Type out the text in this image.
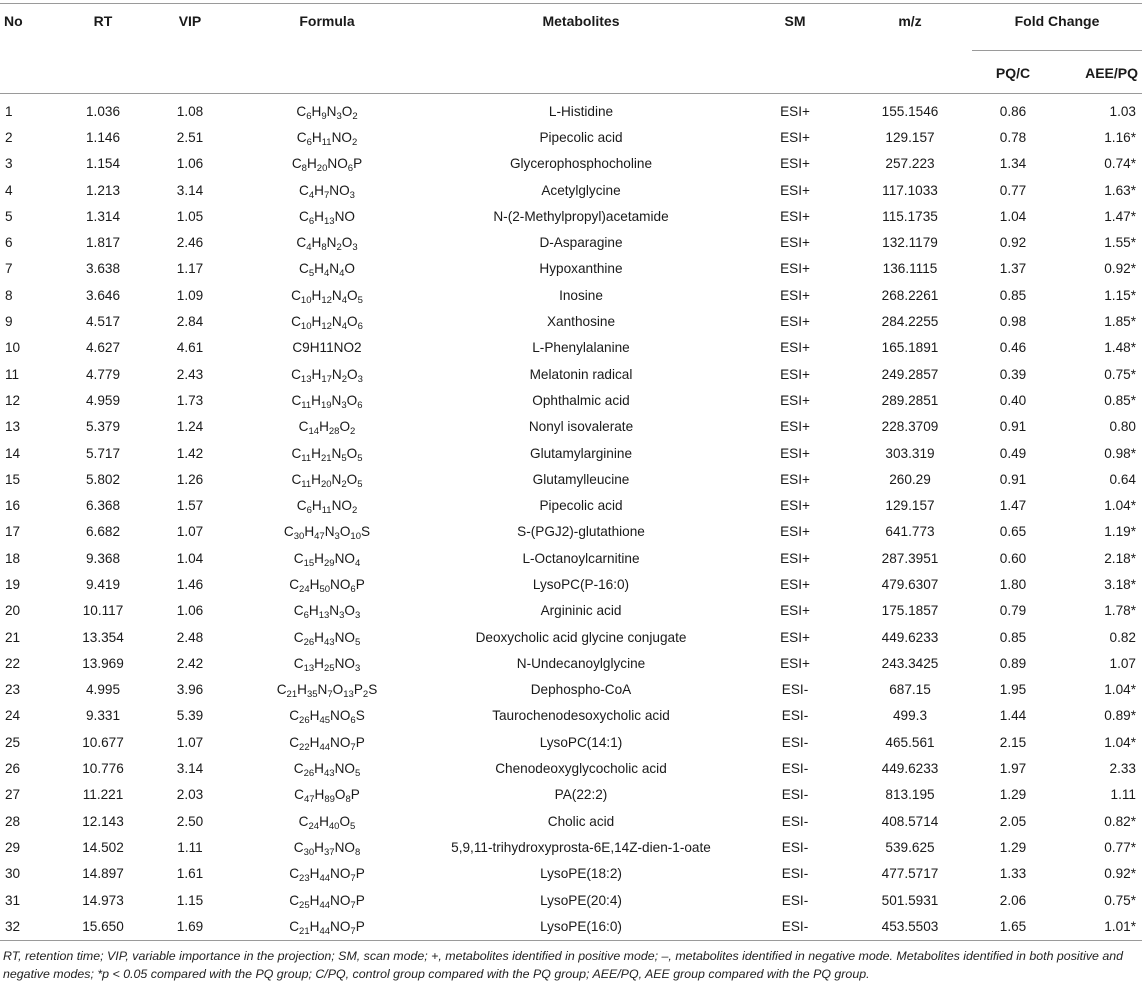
No	RT	VIP	Formula	Metabolites	SM	m/z	Fold Change	
							PQ/C	AEE/PQ
1	1.036	1.08	$C_6H_9N_3O_2$	L-Histidine	ESI+	155.1546	0.86	1.03
2	1.146	2.51	$C_6H_{11}NO_2$	Pipecolic acid	ESI+	129.157	0.78	1.16*
3	1.154	1.06	$C_8H_{20}NO_6P$	Glycerophosphocholine	ESI+	257.223	1.34	0.74*
4	1.213	3.14	$C_4H_7NO_3$	Acetylglycine	ESI+	117.1033	0.77	1.63*
5	1.314	1.05	$C_6H_{13}NO$	N-(2-Methylpropyl)acetamide	ESI+	115.1735	1.04	1.47*
6	1.817	2.46	$C_4H_8N_2O_3$	D-Asparagine	ESI+	132.1179	0.92	1.55*
7	3.638	1.17	$C_5H_4N_4O$	Hypoxanthine	ESI+	136.1115	1.37	0.92*
8	3.646	1.09	$C_{10}H_{12}N_4O_5$	Inosine	ESI+	268.2261	0.85	1.15*
9	4.517	2.84	$C_{10}H_{12}N_4O_6$	Xanthosine	ESI+	284.2255	0.98	1.85*
10	4.627	4.61	C9H11NO2	L-Phenylalanine	ESI+	165.1891	0.46	1.48*
11	4.779	2.43	$C_{13}H_{17}N_2O_3$	Melatonin radical	ESI+	249.2857	0.39	0.75*
12	4.959	1.73	$C_{11}H_{19}N_3O_6$	Ophthalmic acid	ESI+	289.2851	0.40	0.85*
13	5.379	1.24	$C_{14}H_{28}O_2$	Nonyl isovalerate	ESI+	228.3709	0.91	0.80
14	5.717	1.42	$C_{11}H_{21}N_5O_5$	Glutamylarginine	ESI+	303.319	0.49	0.98*
15	5.802	1.26	$C_{11}H_{20}N_2O_5$	Glutamylleucine	ESI+	260.29	0.91	0.64
16	6.368	1.57	$C_6H_{11}NO_2$	Pipecolic acid	ESI+	129.157	1.47	1.04*
17	6.682	1.07	$C_{30}H_{47}N_3O_{10}S$	S-(PGJ2)-glutathione	ESI+	641.773	0.65	1.19*
18	9.368	1.04	$C_{15}H_{29}NO_4$	L-Octanoylcarnitine	ESI+	287.3951	0.60	2.18*
19	9.419	1.46	$C_{24}H_{50}NO_6P$	LysoPC(P-16:0)	ESI+	479.6307	1.80	3.18*
20	10.117	1.06	$C_6H_{13}N_3O_3$	Argininic acid	ESI+	175.1857	0.79	1.78*
21	13.354	2.48	$C_{26}H_{43}NO_5$	Deoxycholic acid glycine conjugate	ESI+	449.6233	0.85	0.82
22	13.969	2.42	$C_{13}H_{25}NO_3$	N-Undecanoylglycine	ESI+	243.3425	0.89	1.07
23	4.995	3.96	$C_{21}H_{35}N_7O_{13}P_2S$	Dephospho-CoA	ESI-	687.15	1.95	1.04*
24	9.331	5.39	$C_{26}H_{45}NO_6S$	Taurochenodesoxycholic acid	ESI-	499.3	1.44	0.89*
25	10.677	1.07	$C_{22}H_{44}NO_7P$	LysoPC(14:1)	ESI-	465.561	2.15	1.04*
26	10.776	3.14	$C_{26}H_{43}NO_5$	Chenodeoxyglycocholic acid	ESI-	449.6233	1.97	2.33
27	11.221	2.03	$C_{47}H_{89}O_8P$	PA(22:2)	ESI-	813.195	1.29	1.11
28	12.143	2.50	$C_{24}H_{40}O_5$	Cholic acid	ESI-	408.5714	2.05	0.82*
29	14.502	1.11	$C_{30}H_{37}NO_8$	5,9,11-trihydroxyprosta-6E,14Z-dien-1-oate	ESI-	539.625	1.29	0.77*
30	14.897	1.61	$C_{23}H_{44}NO_7P$	LysoPE(18:2)	ESI-	477.5717	1.33	0.92*
31	14.973	1.15	$C_{25}H_{44}NO_7P$	LysoPE(20:4)	ESI-	501.5931	2.06	0.75*
32	15.650	1.69	$C_{21}H_{44}NO_7P$	LysoPE(16:0)	ESI-	453.5503	1.65	1.01*
RT, retention time; VIP, variable importance in the projection; SM, scan mode; +, metabolites identified in positive mode; –, metabolites identified in negative mode. Metabolites identified in both positive and negative modes; *p < 0.05 compared with the PQ group; C/PQ, control group compared with the PQ group; AEE/PQ, AEE group compared with the PQ group.
